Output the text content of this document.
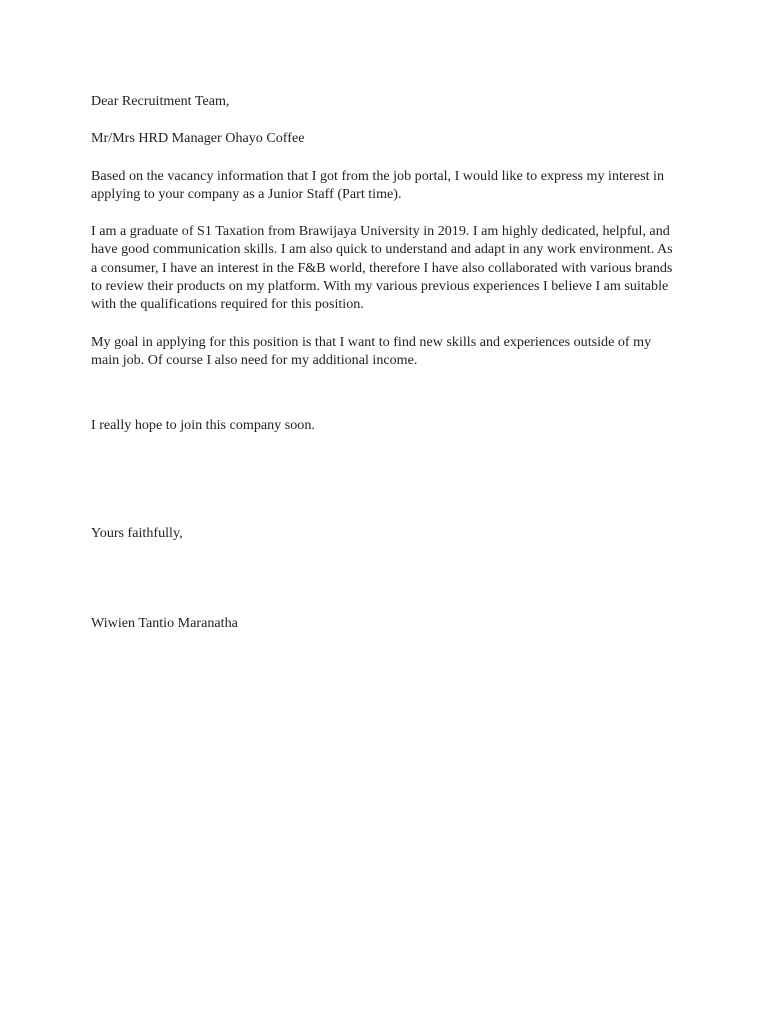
Dear Recruitment Team,

Mr/Mrs HRD Manager Ohayo Coffee

Based on the vacancy information that I got from the job portal, I would like to express my interest in applying to your company as a Junior Staff (Part time).

I am a graduate of S1 Taxation from Brawijaya University in 2019. I am highly dedicated, helpful, and have good communication skills. I am also quick to understand and adapt in any work environment. As a consumer, I have an interest in the F&B world, therefore I have also collaborated with various brands to review their products on my platform. With my various previous experiences I believe I am suitable with the qualifications required for this position.

My goal in applying for this position is that I want to find new skills and experiences outside of my main job. Of course I also need for my additional income.

I really hope to join this company soon.

Yours faithfully,

Wiwien Tantio Maranatha
